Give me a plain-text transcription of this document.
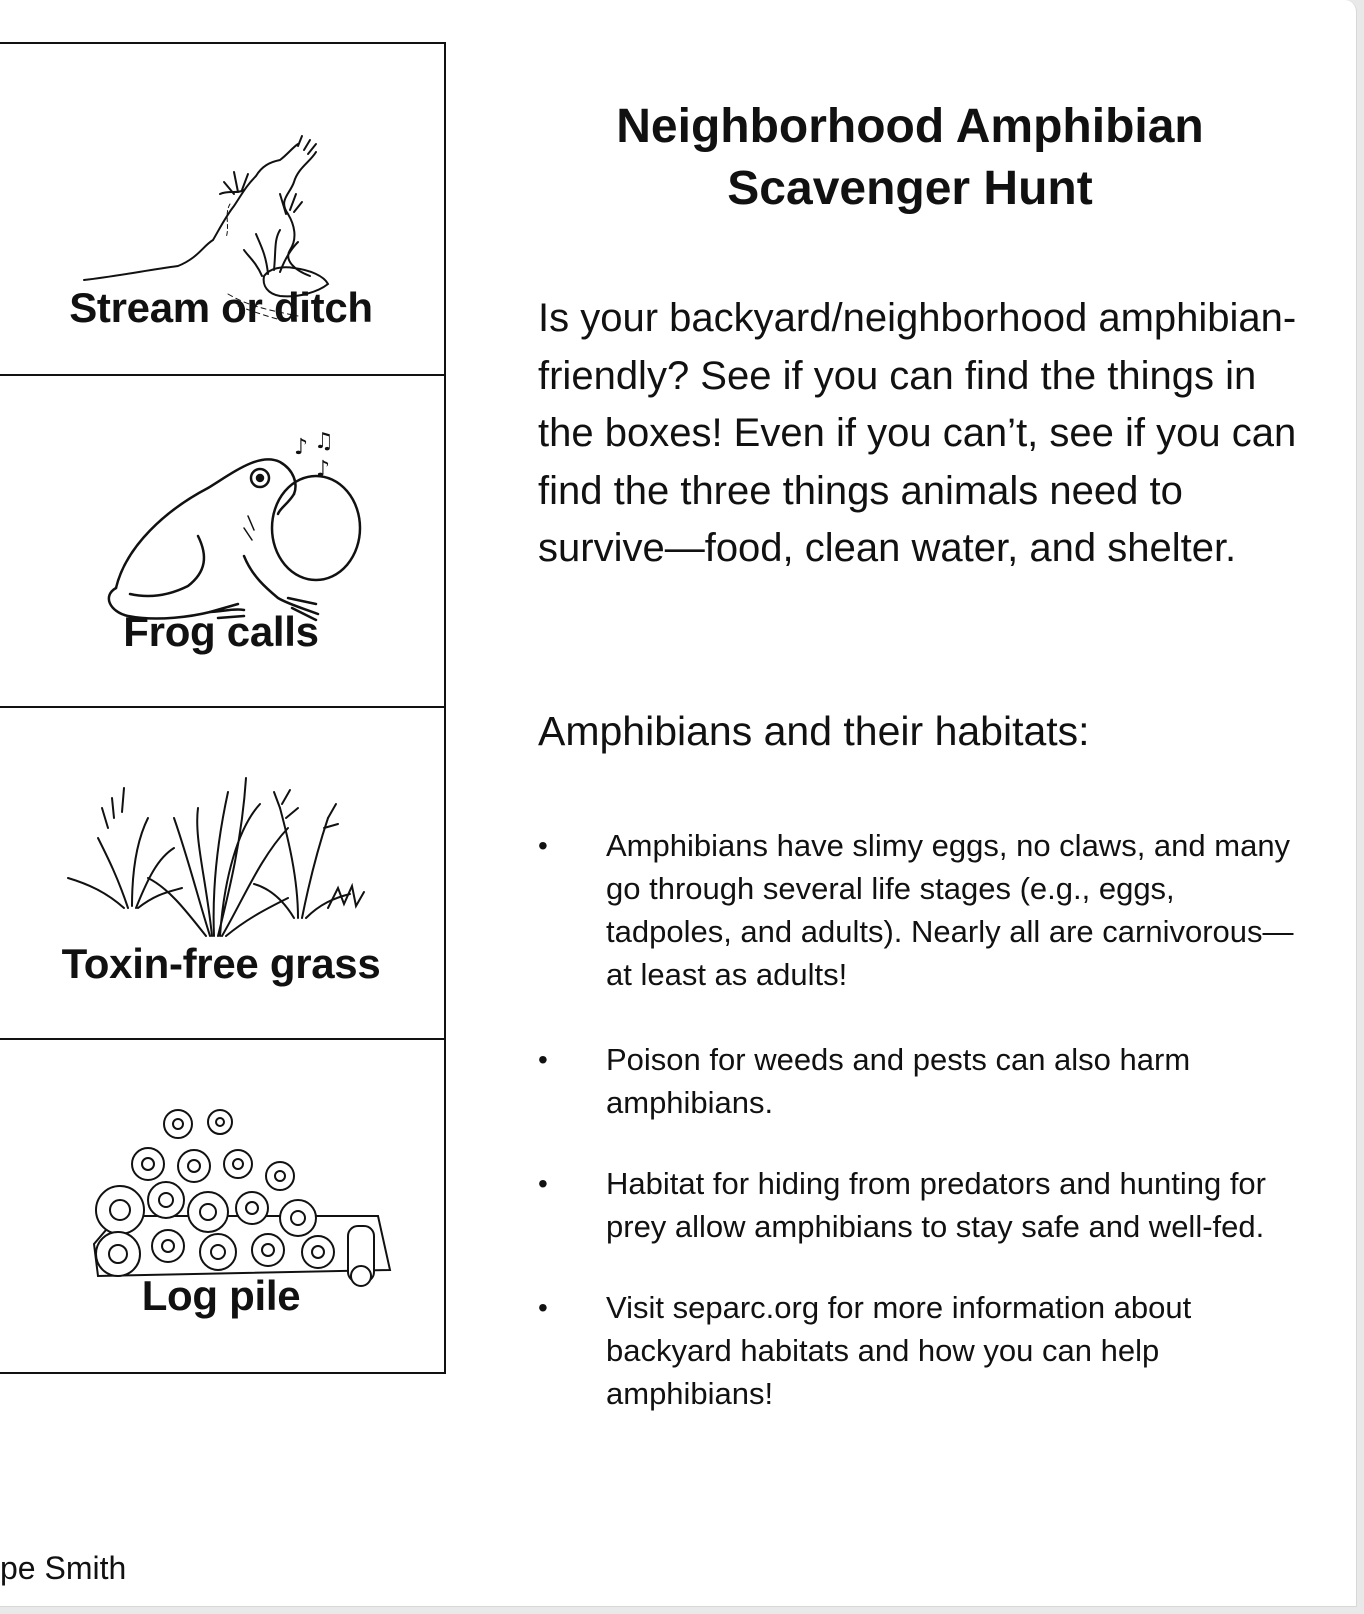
Stream or ditch
♪ ♫
♪
Frog calls
Toxin-free grass
Log pile
Neighborhood Amphibian
Scavenger Hunt
Is your backyard/neighborhood amphibian-friendly? See if you can find the things in the boxes! Even if you can’t, see if you can find the three things animals need to survive—food, clean water, and shelter.
Amphibians and their habitats:
• Amphibians have slimy eggs, no claws, and many go through several life stages (e.g., eggs, tadpoles, and adults). Nearly all are carnivorous—at least as adults!
• Poison for weeds and pests can also harm amphibians.
• Habitat for hiding from predators and hunting for prey allow amphibians to stay safe and well-fed.
• Visit separc.org for more information about backyard habitats and how you can help amphibians!
pe Smith
